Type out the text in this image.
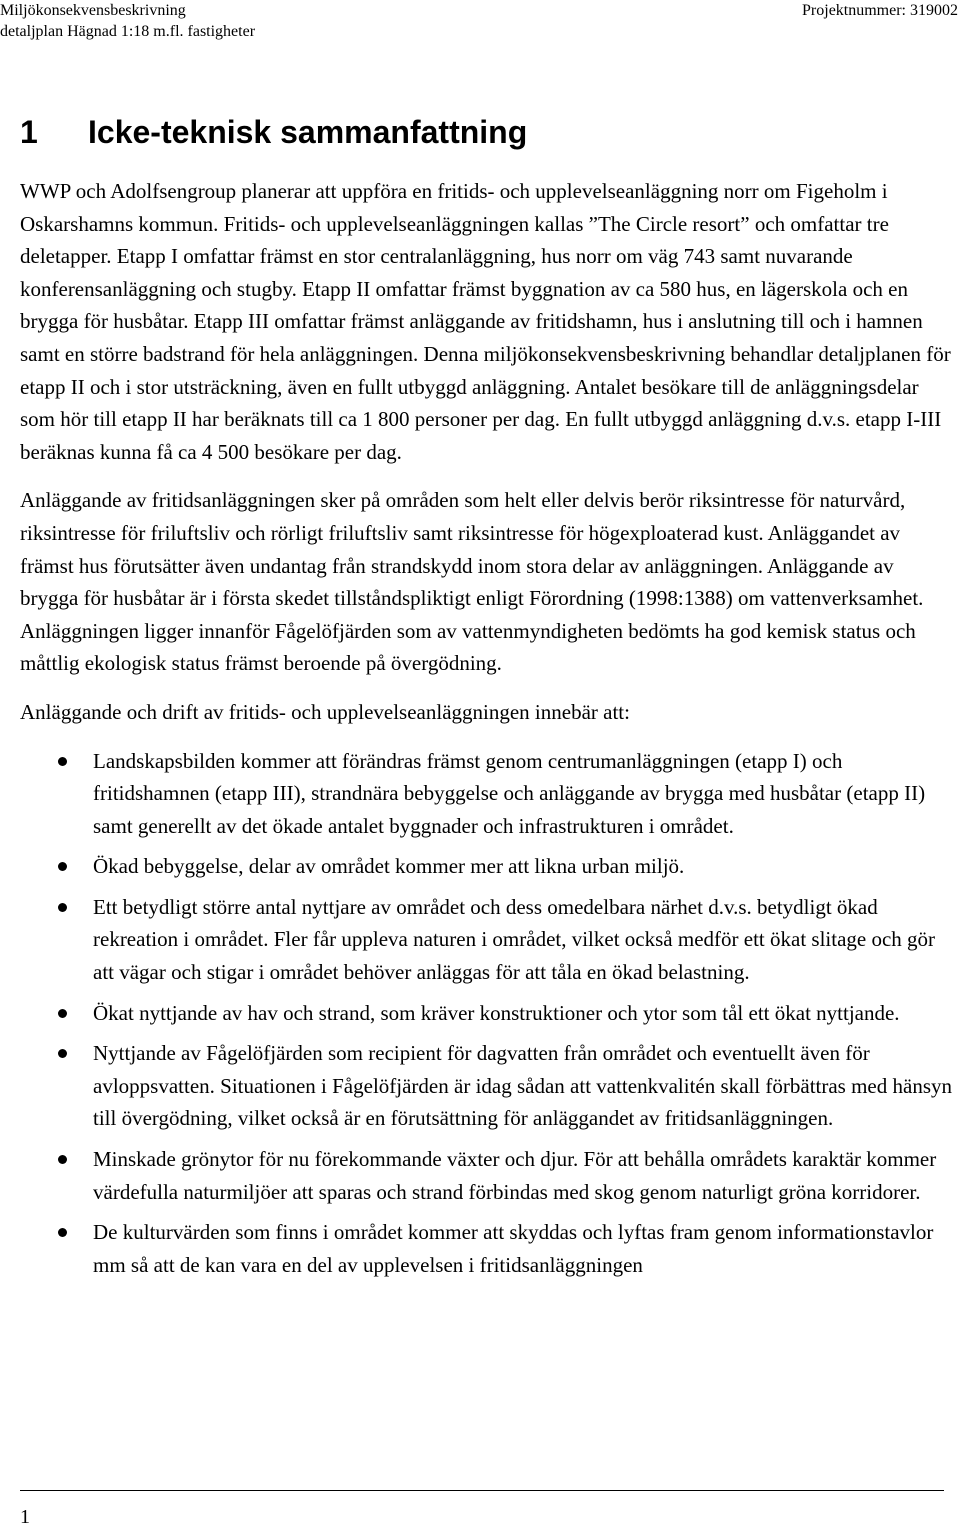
Miljökonsekvensbeskrivning
detaljplan Hägnad 1:18 m.fl. fastigheter
Projektnummer: 319002
1 Icke-teknisk sammanfattning

WWP och Adolfsengroup planerar att uppföra en fritids- och upplevelseanläggning norr om Figeholm i Oskarshamns kommun. Fritids- och upplevelseanläggningen kallas ”The Circle resort” och omfattar tre deletapper. Etapp I omfattar främst en stor centralanläggning, hus norr om väg 743 samt nuvarande konferensanläggning och stugby. Etapp II omfattar främst byggnation av ca 580 hus, en lägerskola och en brygga för husbåtar. Etapp III omfattar främst anläggande av fritidshamn, hus i anslutning till och i hamnen samt en större badstrand för hela anläggningen. Denna miljökonsekvensbeskrivning behandlar detaljplanen för etapp II och i stor utsträckning, även en fullt utbyggd anläggning. Antalet besökare till de anläggningsdelar som hör till etapp II har beräknats till ca 1 800 personer per dag. En fullt utbyggd anläggning d.v.s. etapp I-III beräknas kunna få ca 4 500 besökare per dag.

Anläggande av fritidsanläggningen sker på områden som helt eller delvis berör riksintresse för naturvård, riksintresse för friluftsliv och rörligt friluftsliv samt riksintresse för högexploaterad kust. Anläggandet av främst hus förutsätter även undantag från strandskydd inom stora delar av anläggningen. Anläggande av brygga för husbåtar är i första skedet tillståndspliktigt enligt Förordning (1998:1388) om vattenverksamhet. Anläggningen ligger innanför Fågelöfjärden som av vattenmyndigheten bedömts ha god kemisk status och måttlig ekologisk status främst beroende på övergödning.

Anläggande och drift av fritids- och upplevelseanläggningen innebär att:

Landskapsbilden kommer att förändras främst genom centrumanläggningen (etapp I) och fritidshamnen (etapp III), strandnära bebyggelse och anläggande av brygga med husbåtar (etapp II) samt generellt av det ökade antalet byggnader och infrastrukturen i området.
Ökad bebyggelse, delar av området kommer mer att likna urban miljö.
Ett betydligt större antal nyttjare av området och dess omedelbara närhet d.v.s. betydligt ökad rekreation i området. Fler får uppleva naturen i området, vilket också medför ett ökat slitage och gör att vägar och stigar i området behöver anläggas för att tåla en ökad belastning.
Ökat nyttjande av hav och strand, som kräver konstruktioner och ytor som tål ett ökat nyttjande.
Nyttjande av Fågelöfjärden som recipient för dagvatten från området och eventuellt även för avloppsvatten. Situationen i Fågelöfjärden är idag sådan att vattenkvalitén skall förbättras med hänsyn till övergödning, vilket också är en förutsättning för anläggandet av fritidsanläggningen.
Minskade grönytor för nu förekommande växter och djur. För att behålla områdets karaktär kommer värdefulla naturmiljöer att sparas och strand förbindas med skog genom naturligt gröna korridorer.
De kulturvärden som finns i området kommer att skyddas och lyftas fram genom informationstavlor mm så att de kan vara en del av upplevelsen i fritidsanläggningen
1
